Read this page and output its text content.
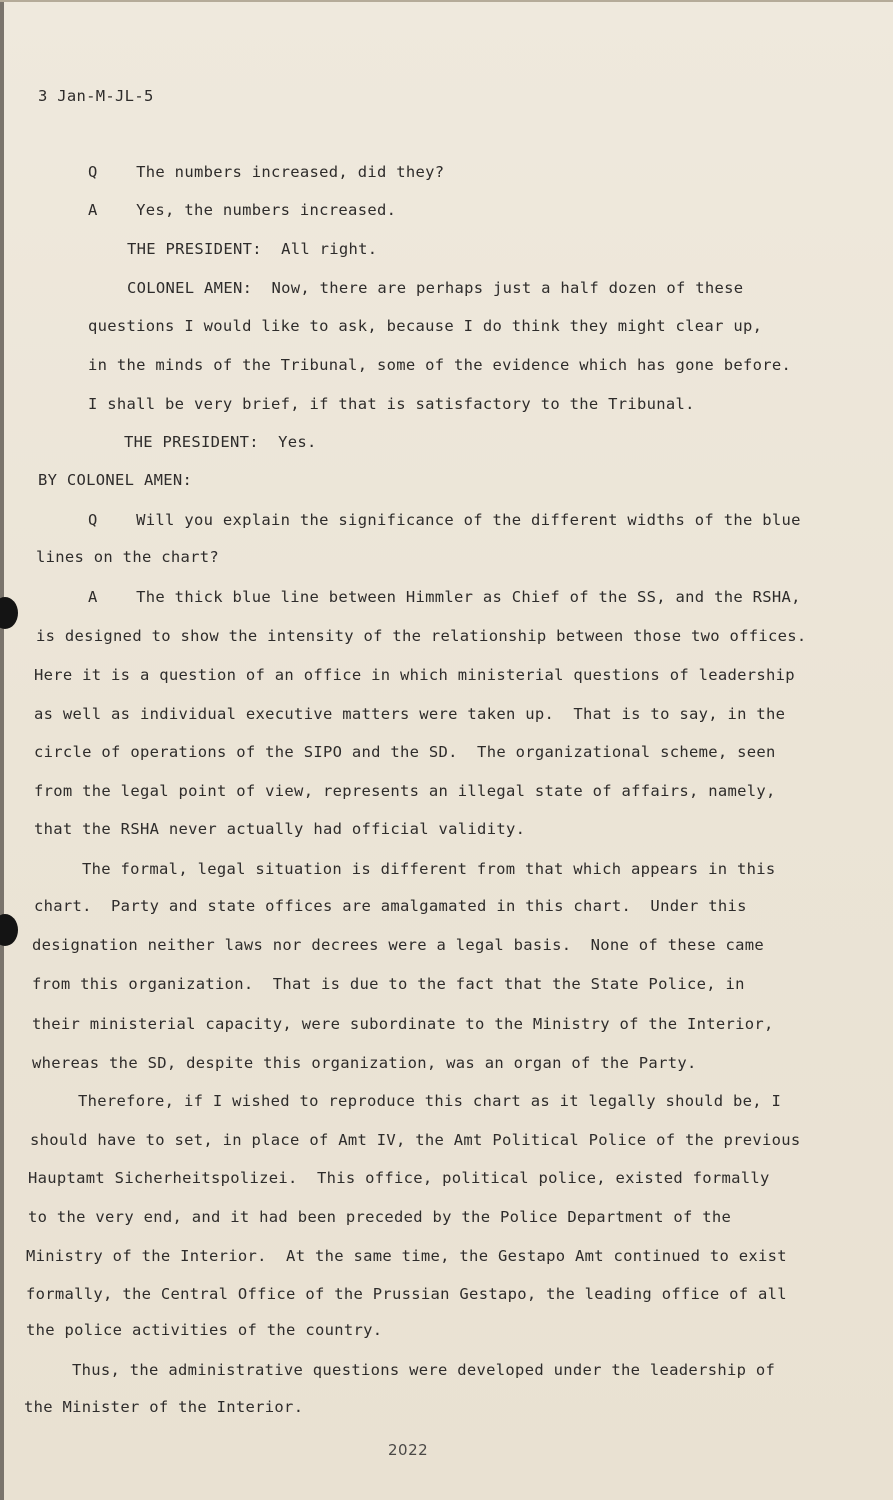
3 Jan-M-JL-5
Q    The numbers increased, did they?
A    Yes, the numbers increased.
THE PRESIDENT:  All right.
COLONEL AMEN:  Now, there are perhaps just a half dozen of these
questions I would like to ask, because I do think they might clear up,
in the minds of the Tribunal, some of the evidence which has gone before.
I shall be very brief, if that is satisfactory to the Tribunal.
THE PRESIDENT:  Yes.
BY COLONEL AMEN:
Q    Will you explain the significance of the different widths of the blue
lines on the chart?
A    The thick blue line between Himmler as Chief of the SS, and the RSHA,
is designed to show the intensity of the relationship between those two offices.
Here it is a question of an office in which ministerial questions of leadership
as well as individual executive matters were taken up.  That is to say, in the
circle of operations of the SIPO and the SD.  The organizational scheme, seen
from the legal point of view, represents an illegal state of affairs, namely,
that the RSHA never actually had official validity.
The formal, legal situation is different from that which appears in this
chart.  Party and state offices are amalgamated in this chart.  Under this
designation neither laws nor decrees were a legal basis.  None of these came
from this organization.  That is due to the fact that the State Police, in
their ministerial capacity, were subordinate to the Ministry of the Interior,
whereas the SD, despite this organization, was an organ of the Party.
Therefore, if I wished to reproduce this chart as it legally should be, I
should have to set, in place of Amt IV, the Amt Political Police of the previous
Hauptamt Sicherheitspolizei.  This office, political police, existed formally
to the very end, and it had been preceded by the Police Department of the
Ministry of the Interior.  At the same time, the Gestapo Amt continued to exist
formally, the Central Office of the Prussian Gestapo, the leading office of all
the police activities of the country.
Thus, the administrative questions were developed under the leadership of
the Minister of the Interior.
2022
